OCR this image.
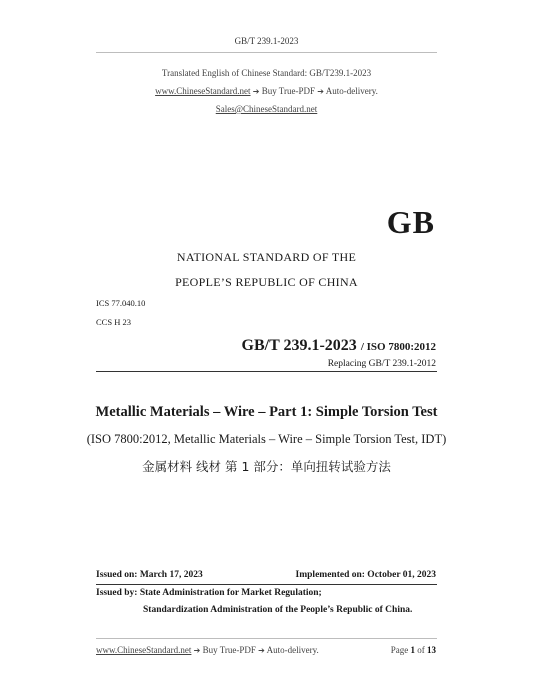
GB/T 239.1-2023
Translated English of Chinese Standard: GB/T239.1-2023
www.ChineseStandard.net ➔ Buy True-PDF ➔ Auto-delivery.
Sales@ChineseStandard.net
GB
NATIONAL STANDARD OF THE
PEOPLE’S REPUBLIC OF CHINA
ICS 77.040.10
CCS H 23
GB/T 239.1-2023 / ISO 7800:2012
Replacing GB/T 239.1-2012
Metallic Materials – Wire – Part 1: Simple Torsion Test
(ISO 7800:2012, Metallic Materials – Wire – Simple Torsion Test, IDT)
金属材料 线材 第 1 部分：单向扭转试验方法
Issued on: March 17, 2023	Implemented on: October 01, 2023
Issued by: State Administration for Market Regulation;
Standardization Administration of the People’s Republic of China.
www.ChineseStandard.net ➔ Buy True-PDF ➔ Auto-delivery.	Page 1 of 13
